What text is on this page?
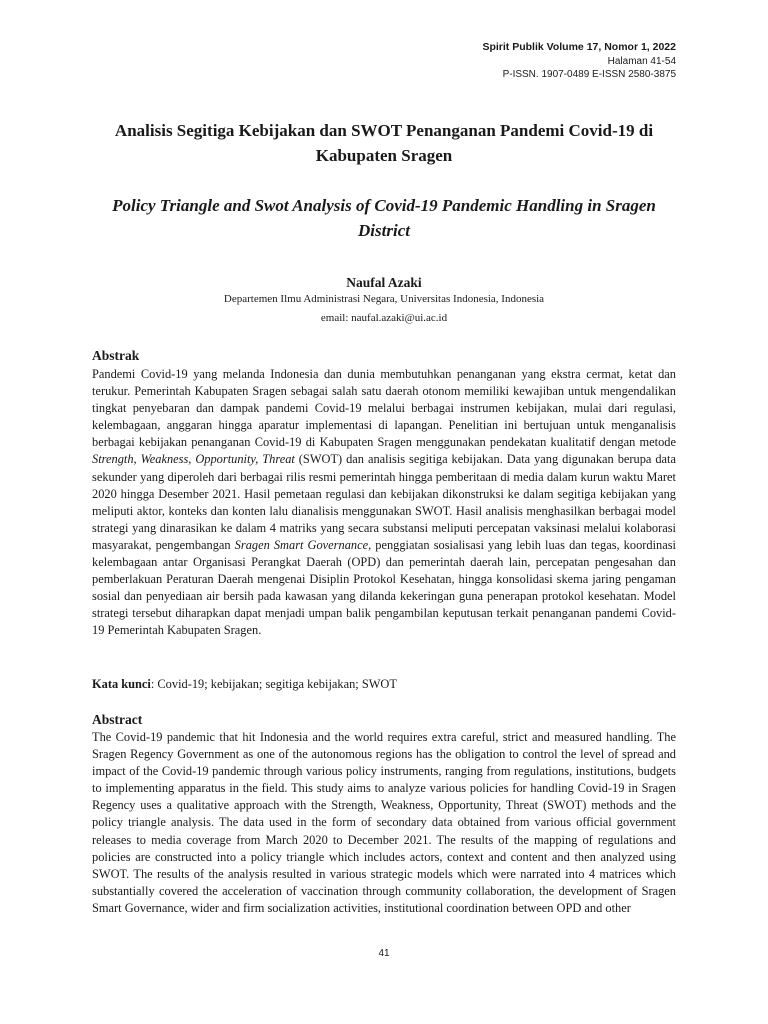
Spirit Publik Volume 17, Nomor 1, 2022
Halaman 41-54
P-ISSN. 1907-0489 E-ISSN 2580-3875
Analisis Segitiga Kebijakan dan SWOT Penanganan Pandemi Covid-19 di Kabupaten Sragen
Policy Triangle and Swot Analysis of Covid-19 Pandemic Handling in Sragen District
Naufal Azaki
Departemen Ilmu Administrasi Negara, Universitas Indonesia, Indonesia
email: naufal.azaki@ui.ac.id
Abstrak

Pandemi Covid-19 yang melanda Indonesia dan dunia membutuhkan penanganan yang ekstra cermat, ketat dan terukur. Pemerintah Kabupaten Sragen sebagai salah satu daerah otonom memiliki kewajiban untuk mengendalikan tingkat penyebaran dan dampak pandemi Covid-19 melalui berbagai instrumen kebijakan, mulai dari regulasi, kelembagaan, anggaran hingga aparatur implementasi di lapangan. Penelitian ini bertujuan untuk menganalisis berbagai kebijakan penanganan Covid-19 di Kabupaten Sragen menggunakan pendekatan kualitatif dengan metode Strength, Weakness, Opportunity, Threat (SWOT) dan analisis segitiga kebijakan. Data yang digunakan berupa data sekunder yang diperoleh dari berbagai rilis resmi pemerintah hingga pemberitaan di media dalam kurun waktu Maret 2020 hingga Desember 2021. Hasil pemetaan regulasi dan kebijakan dikonstruksi ke dalam segitiga kebijakan yang meliputi aktor, konteks dan konten lalu dianalisis menggunakan SWOT. Hasil analisis menghasilkan berbagai model strategi yang dinarasikan ke dalam 4 matriks yang secara substansi meliputi percepatan vaksinasi melalui kolaborasi masyarakat, pengembangan Sragen Smart Governance, penggiatan sosialisasi yang lebih luas dan tegas, koordinasi kelembagaan antar Organisasi Perangkat Daerah (OPD) dan pemerintah daerah lain, percepatan pengesahan dan pemberlakuan Peraturan Daerah mengenai Disiplin Protokol Kesehatan, hingga konsolidasi skema jaring pengaman sosial dan penyediaan air bersih pada kawasan yang dilanda kekeringan guna penerapan protokol kesehatan. Model strategi tersebut diharapkan dapat menjadi umpan balik pengambilan keputusan terkait penanganan pandemi Covid-19 Pemerintah Kabupaten Sragen.

Kata kunci: Covid-19; kebijakan; segitiga kebijakan; SWOT
Abstract

The Covid-19 pandemic that hit Indonesia and the world requires extra careful, strict and measured handling. The Sragen Regency Government as one of the autonomous regions has the obligation to control the level of spread and impact of the Covid-19 pandemic through various policy instruments, ranging from regulations, institutions, budgets to implementing apparatus in the field. This study aims to analyze various policies for handling Covid-19 in Sragen Regency uses a qualitative approach with the Strength, Weakness, Opportunity, Threat (SWOT) methods and the policy triangle analysis. The data used in the form of secondary data obtained from various official government releases to media coverage from March 2020 to December 2021. The results of the mapping of regulations and policies are constructed into a policy triangle which includes actors, context and content and then analyzed using SWOT. The results of the analysis resulted in various strategic models which were narrated into 4 matrices which substantially covered the acceleration of vaccination through community collaboration, the development of Sragen Smart Governance, wider and firm socialization activities, institutional coordination between OPD and other

41
